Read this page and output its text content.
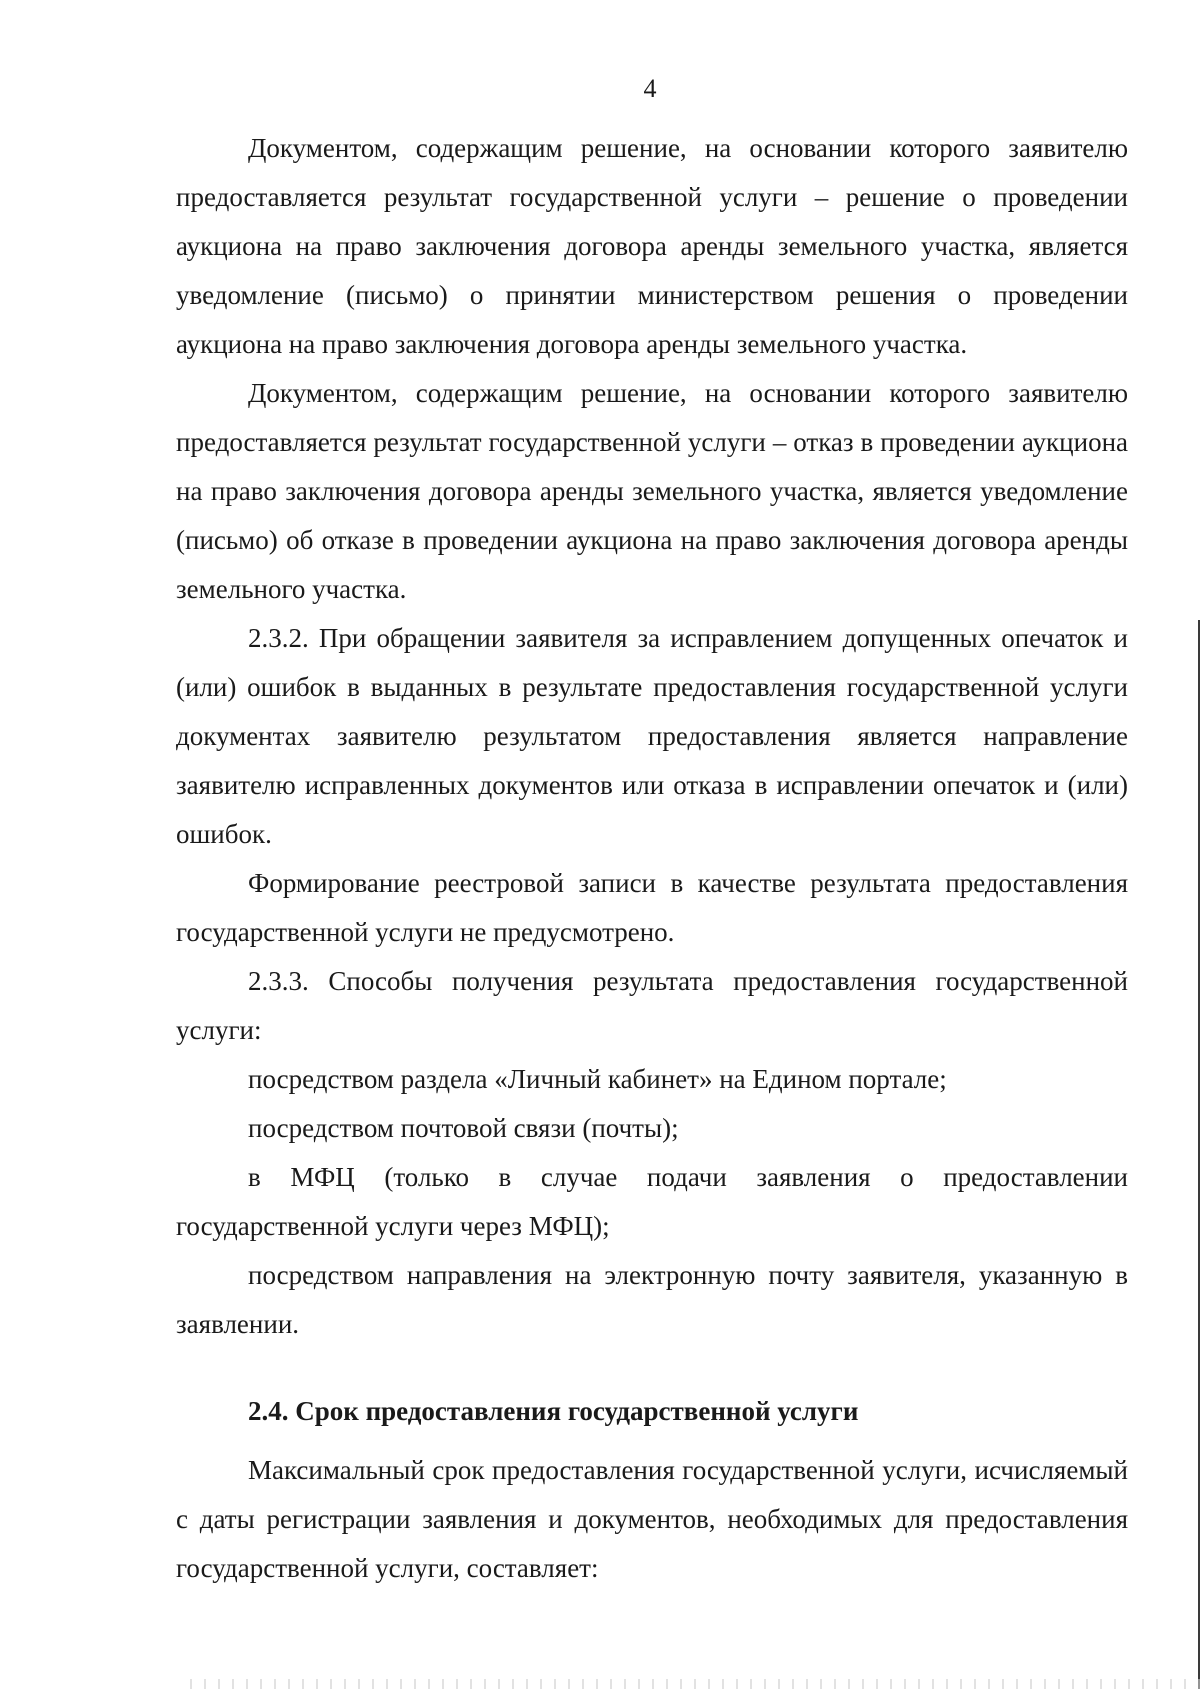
4

Документом, содержащим решение, на основании которого заявителю предоставляется результат государственной услуги – решение о проведении аукциона на право заключения договора аренды земельного участка, является уведомление (письмо) о принятии министерством решения о проведении аукциона на право заключения договора аренды земельного участка.

Документом, содержащим решение, на основании которого заявителю предоставляется результат государственной услуги – отказ в проведении аукциона на право заключения договора аренды земельного участка, является уведомление (письмо) об отказе в проведении аукциона на право заключения договора аренды земельного участка.

2.3.2. При обращении заявителя за исправлением допущенных опечаток и (или) ошибок в выданных в результате предоставления государственной услуги документах заявителю результатом предоставления является направление заявителю исправленных документов или отказа в исправлении опечаток и (или) ошибок.

Формирование реестровой записи в качестве результата предоставления государственной услуги не предусмотрено.

2.3.3. Способы получения результата предоставления государственной услуги:

посредством раздела «Личный кабинет» на Едином портале;

посредством почтовой связи (почты);

в МФЦ (только в случае подачи заявления о предоставлении государственной услуги через МФЦ);

посредством направления на электронную почту заявителя, указанную в заявлении.

2.4. Срок предоставления государственной услуги

Максимальный срок предоставления государственной услуги, исчисляемый с даты регистрации заявления и документов, необходимых для предоставления государственной услуги, составляет:
